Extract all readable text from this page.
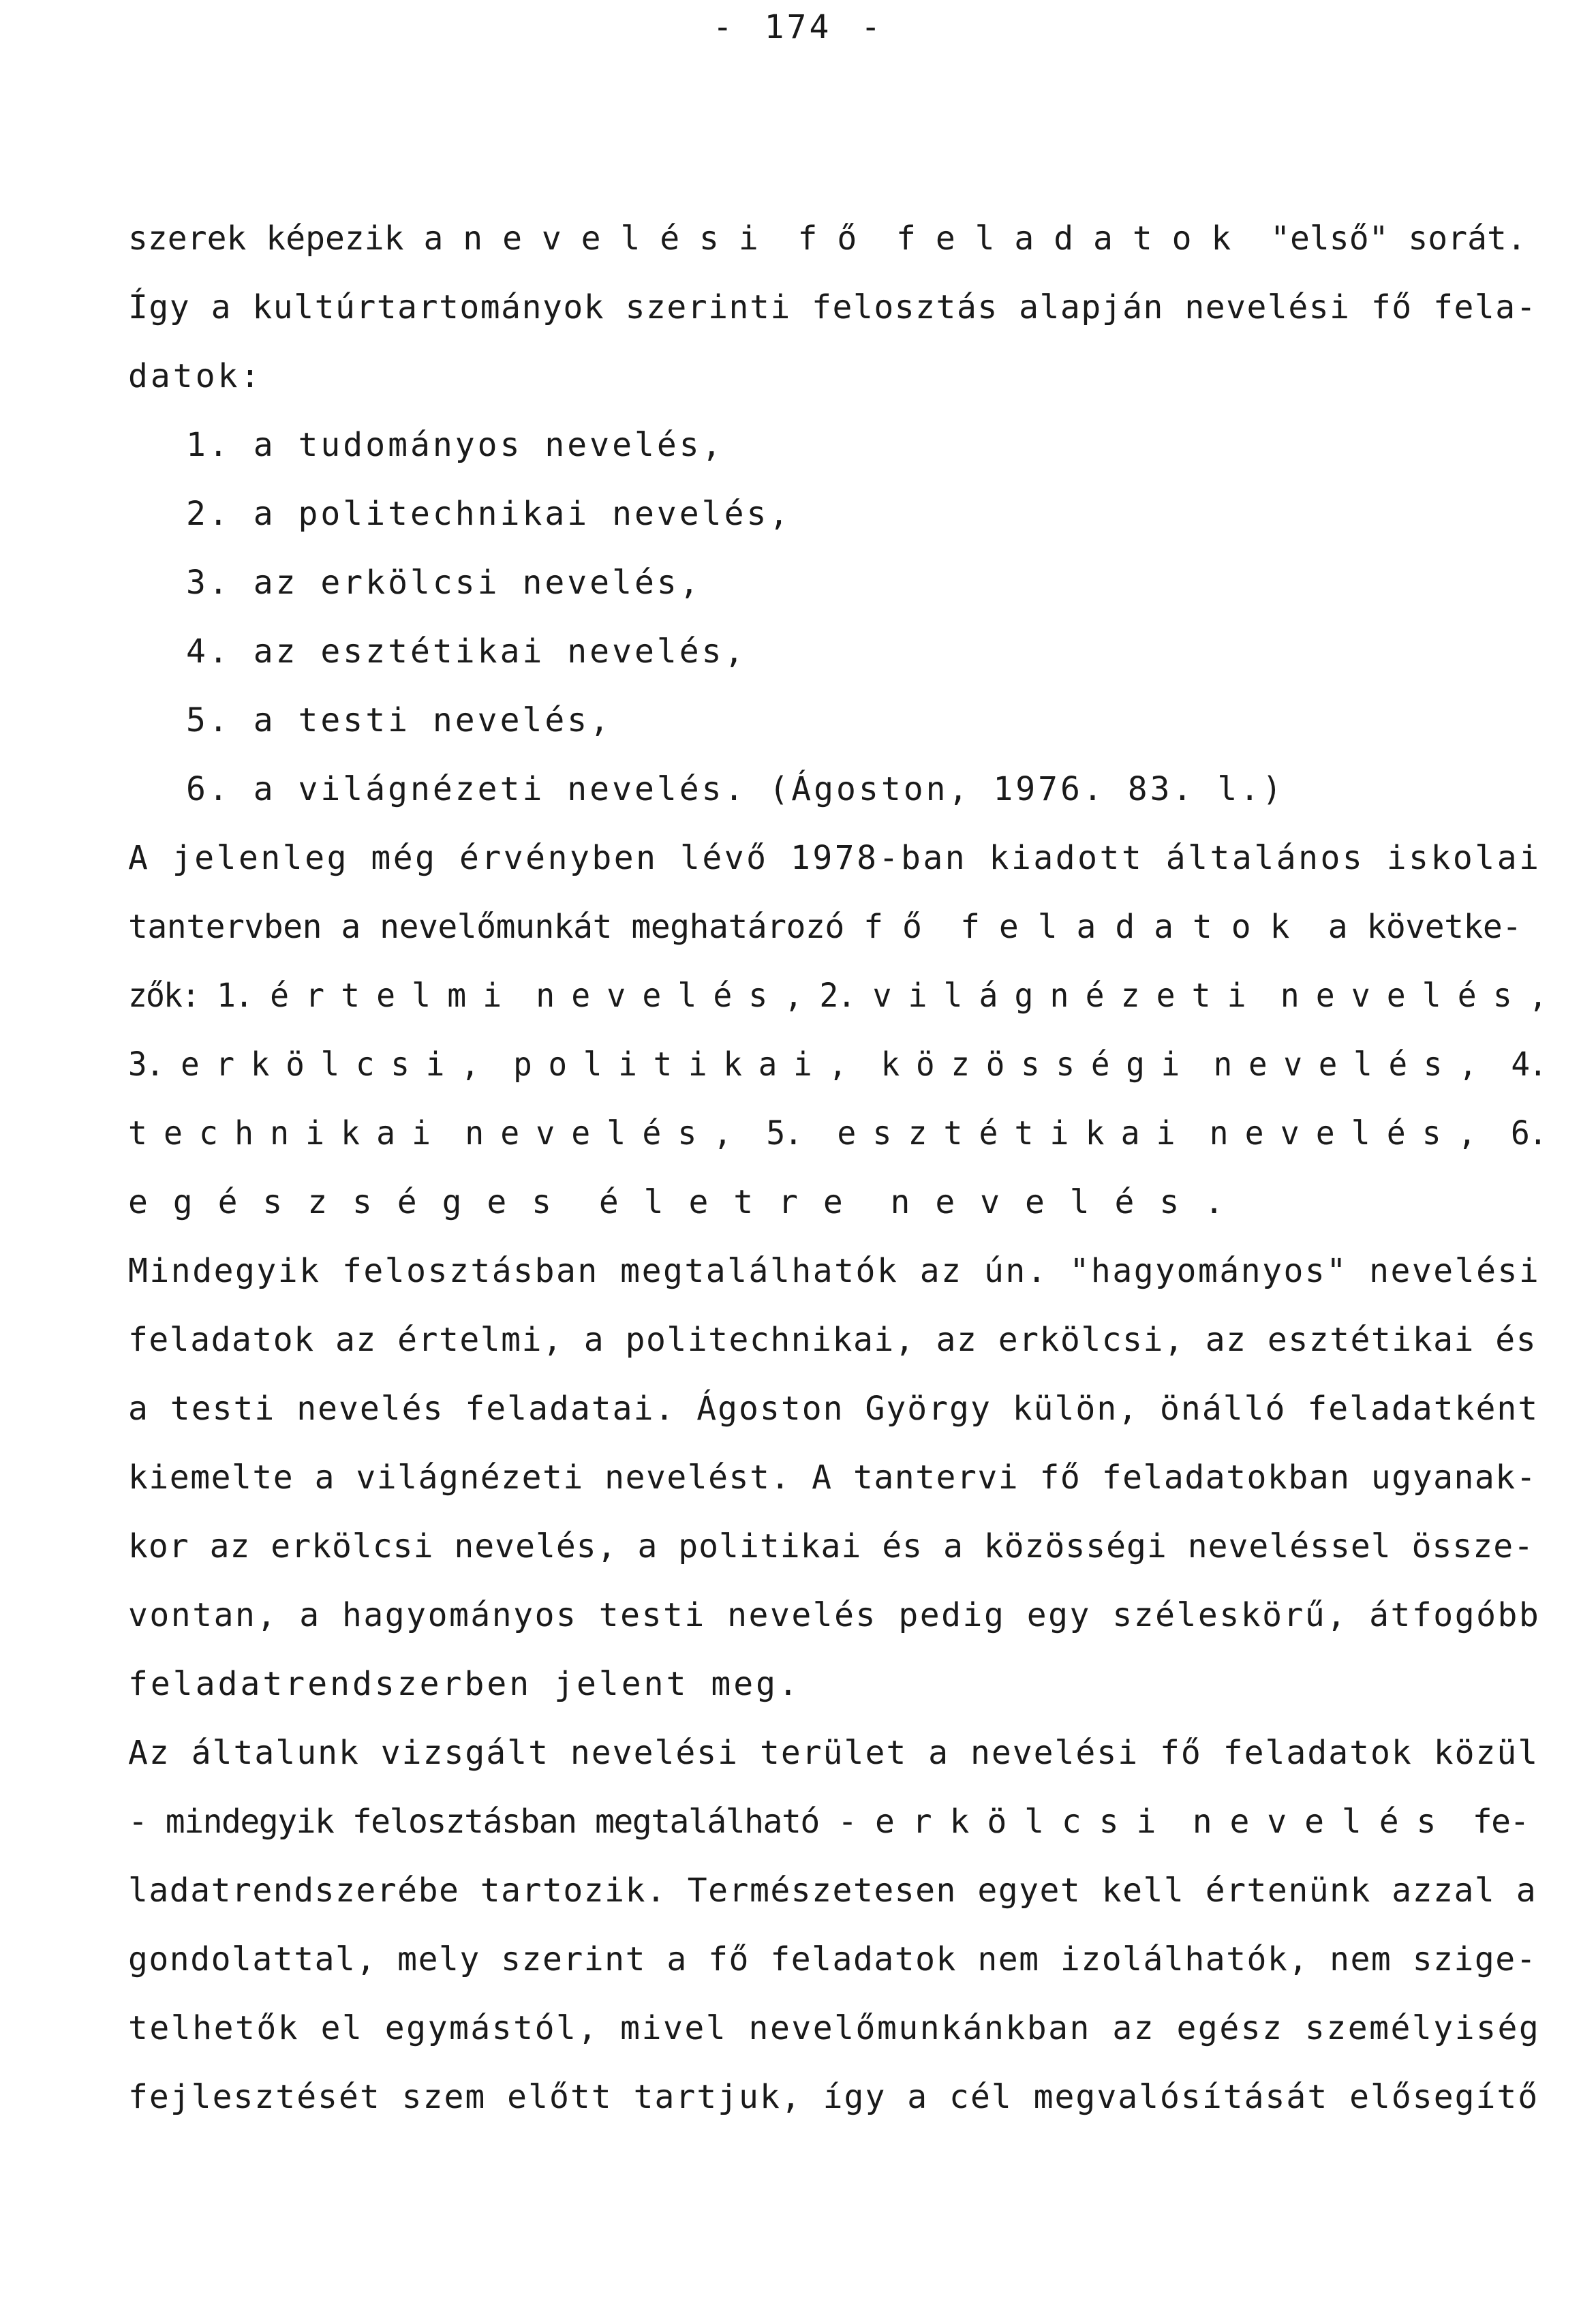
- 174 -
szerek képezik a n e v e l é s i  f ő  f e l a d a t o k  "első" sorát.
Így a kultúrtartományok szerinti felosztás alapján nevelési fő fela-
datok:
1. a tudományos nevelés,
2. a politechnikai nevelés,
3. az erkölcsi nevelés,
4. az esztétikai nevelés,
5. a testi nevelés,
6. a világnézeti nevelés. (Ágoston, 1976. 83. l.)
A jelenleg még érvényben lévő 1978-ban kiadott általános iskolai
tantervben a nevelőmunkát meghatározó f ő  f e l a d a t o k  a követke-
zők: 1. é r t e l m i  n e v e l é s , 2. v i l á g n é z e t i  n e v e l é s ,
3. e r k ö l c s i ,  p o l i t i k a i ,  k ö z ö s s é g i  n e v e l é s ,  4.
t e c h n i k a i  n e v e l é s ,  5.  e s z t é t i k a i  n e v e l é s ,  6.
e g é s z s é g e s  é l e t r e  n e v e l é s .
Mindegyik felosztásban megtalálhatók az ún. "hagyományos" nevelési
feladatok az értelmi, a politechnikai, az erkölcsi, az esztétikai és
a testi nevelés feladatai. Ágoston György külön, önálló feladatként
kiemelte a világnézeti nevelést. A tantervi fő feladatokban ugyanak-
kor az erkölcsi nevelés, a politikai és a közösségi neveléssel össze-
vontan, a hagyományos testi nevelés pedig egy széleskörű, átfogóbb
feladatrendszerben jelent meg.
Az általunk vizsgált nevelési terület a nevelési fő feladatok közül
- mindegyik felosztásban megtalálható - e r k ö l c s i  n e v e l é s  fe-
ladatrendszerébe tartozik. Természetesen egyet kell értenünk azzal a
gondolattal, mely szerint a fő feladatok nem izolálhatók, nem szige-
telhetők el egymástól, mivel nevelőmunkánkban az egész személyiség
fejlesztését szem előtt tartjuk, így a cél megvalósítását elősegítő
